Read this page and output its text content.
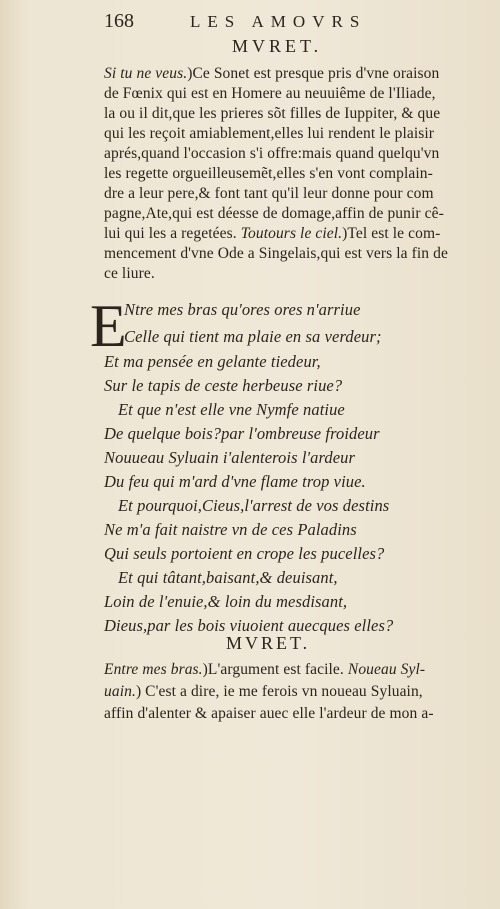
168	LES AMOVRS
MVRET.
Si tu ne veus.)Ce Sonet est presque pris d'vne oraison
de Fœnix qui est en Homere au neuuiême de l'Iliade,
la ou il dit,que les prieres sõt filles de Iuppiter, & que
qui les reçoit amiablement,elles lui rendent le plaisir
aprés,quand l'occasion s'i offre:mais quand quelqu'vn
les regette orgueilleusemẽt,elles s'en vont complain-
dre a leur pere,& font tant qu'il leur donne pour com
pagne,Ate,qui est déesse de domage,affin de punir cê-
lui qui les a regetées. Toutours le ciel.)Tel est le com-
mencement d'vne Ode a Singelais,qui est vers la fin de
ce liure.
E
Ntre mes bras qu'ores ores n'arriue
Celle qui tient ma plaie en sa verdeur;
Et ma pensée en gelante tiedeur,
Sur le tapis de ceste herbeuse riue?
Et que n'est elle vne Nymfe natiue
De quelque bois?par l'ombreuse froideur
Nouueau Syluain i'alenterois l'ardeur
Du feu qui m'ard d'vne flame trop viue.
Et pourquoi,Cieus,l'arrest de vos destins
Ne m'a fait naistre vn de ces Paladins
Qui seuls portoient en crope les pucelles?
Et qui tâtant,baisant,& deuisant,
Loin de l'enuie,& loin du mesdisant,
Dieus,par les bois viuoient auecques elles?
MVRET.
Entre mes bras.)L'argument est facile. Noueau Syl-
uain.) C'est a dire, ie me ferois vn noueau Syluain,
affin d'alenter & apaiser auec elle l'ardeur de mon a-
